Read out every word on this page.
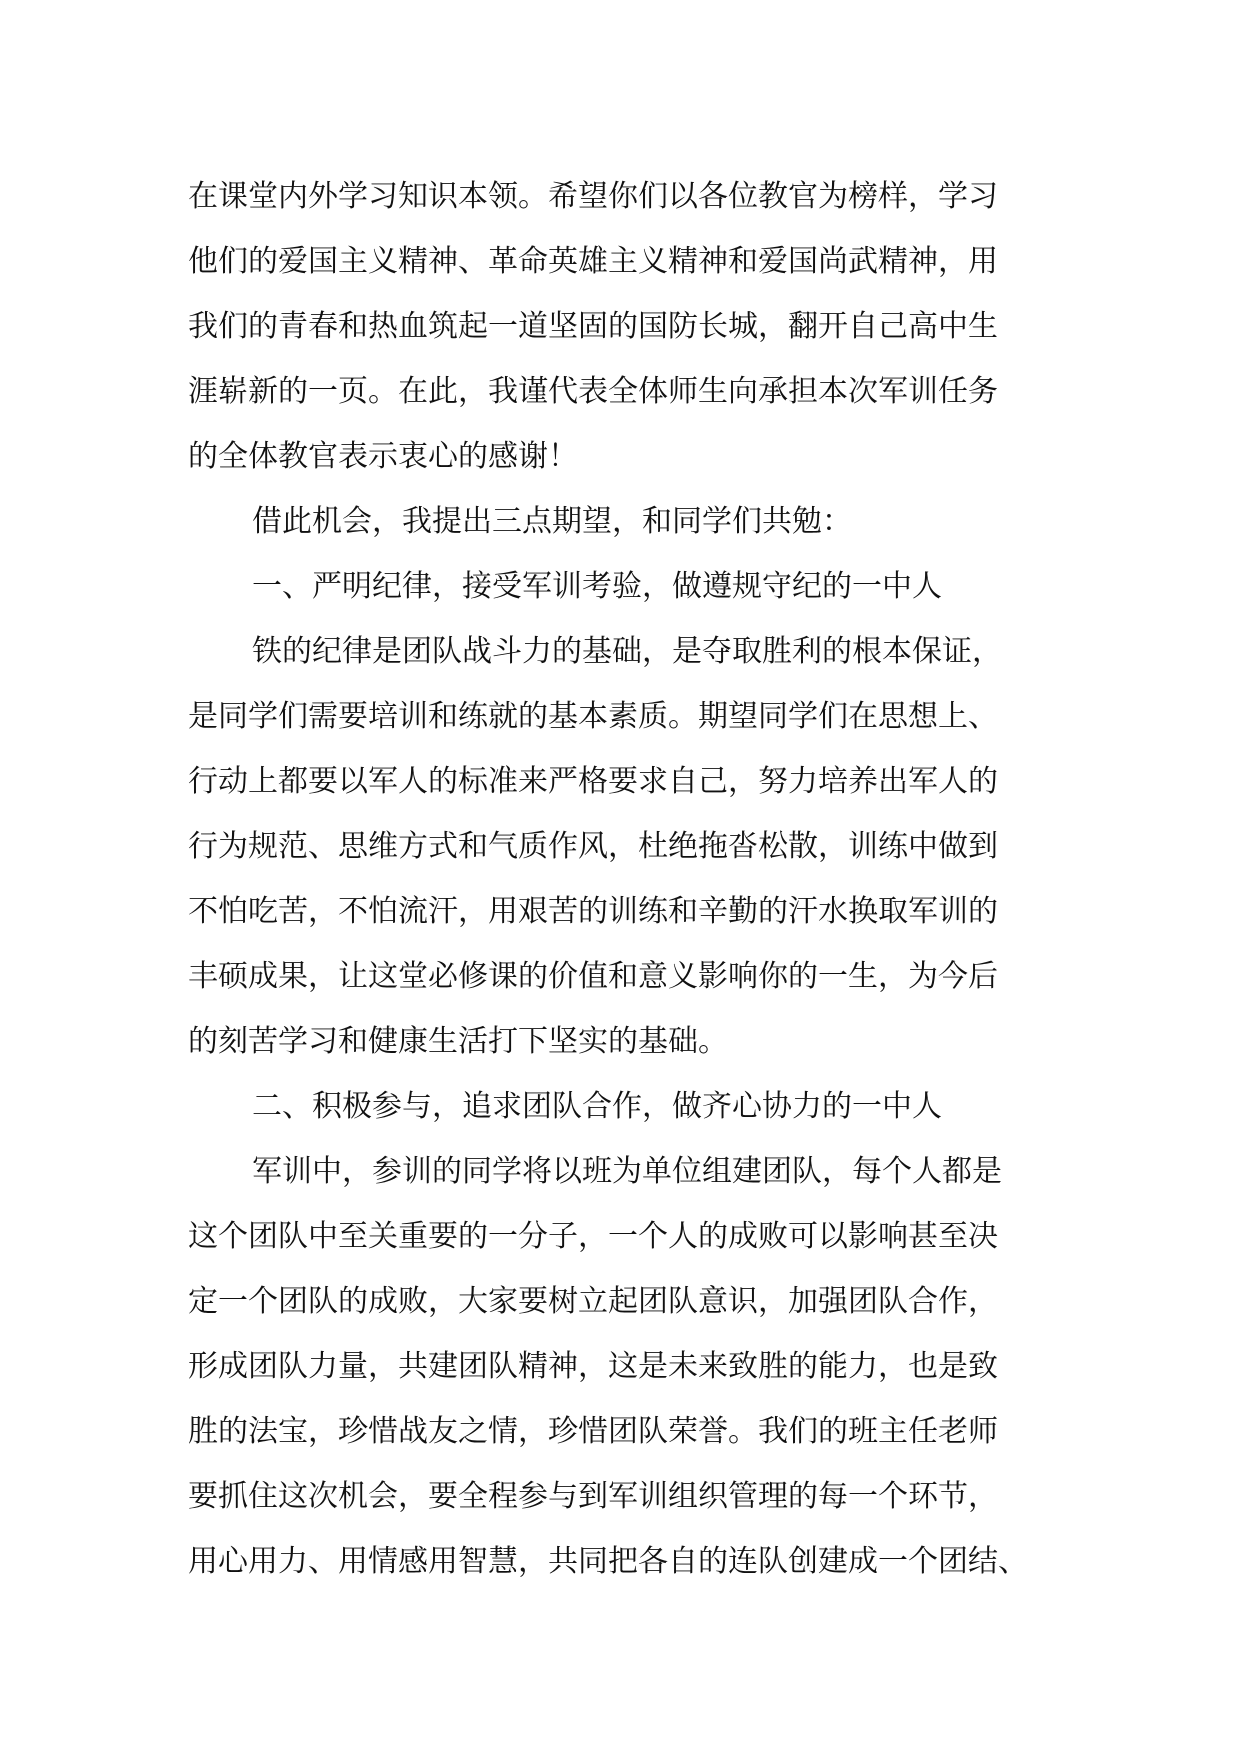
在课堂内外学习知识本领。希望你们以各位教官为榜样，学习
他们的爱国主义精神、革命英雄主义精神和爱国尚武精神，用
我们的青春和热血筑起一道坚固的国防长城，翻开自己高中生
涯崭新的一页。在此，我谨代表全体师生向承担本次军训任务
的全体教官表示衷心的感谢！
借此机会，我提出三点期望，和同学们共勉：
一、严明纪律，接受军训考验，做遵规守纪的一中人
铁的纪律是团队战斗力的基础，是夺取胜利的根本保证，
是同学们需要培训和练就的基本素质。期望同学们在思想上、
行动上都要以军人的标准来严格要求自己，努力培养出军人的
行为规范、思维方式和气质作风，杜绝拖沓松散，训练中做到
不怕吃苦，不怕流汗，用艰苦的训练和辛勤的汗水换取军训的
丰硕成果，让这堂必修课的价值和意义影响你的一生，为今后
的刻苦学习和健康生活打下坚实的基础。
二、积极参与，追求团队合作，做齐心协力的一中人
军训中，参训的同学将以班为单位组建团队，每个人都是
这个团队中至关重要的一分子，一个人的成败可以影响甚至决
定一个团队的成败，大家要树立起团队意识，加强团队合作，
形成团队力量，共建团队精神，这是未来致胜的能力，也是致
胜的法宝，珍惜战友之情，珍惜团队荣誉。我们的班主任老师
要抓住这次机会，要全程参与到军训组织管理的每一个环节，
用心用力、用情感用智慧，共同把各自的连队创建成一个团结、
